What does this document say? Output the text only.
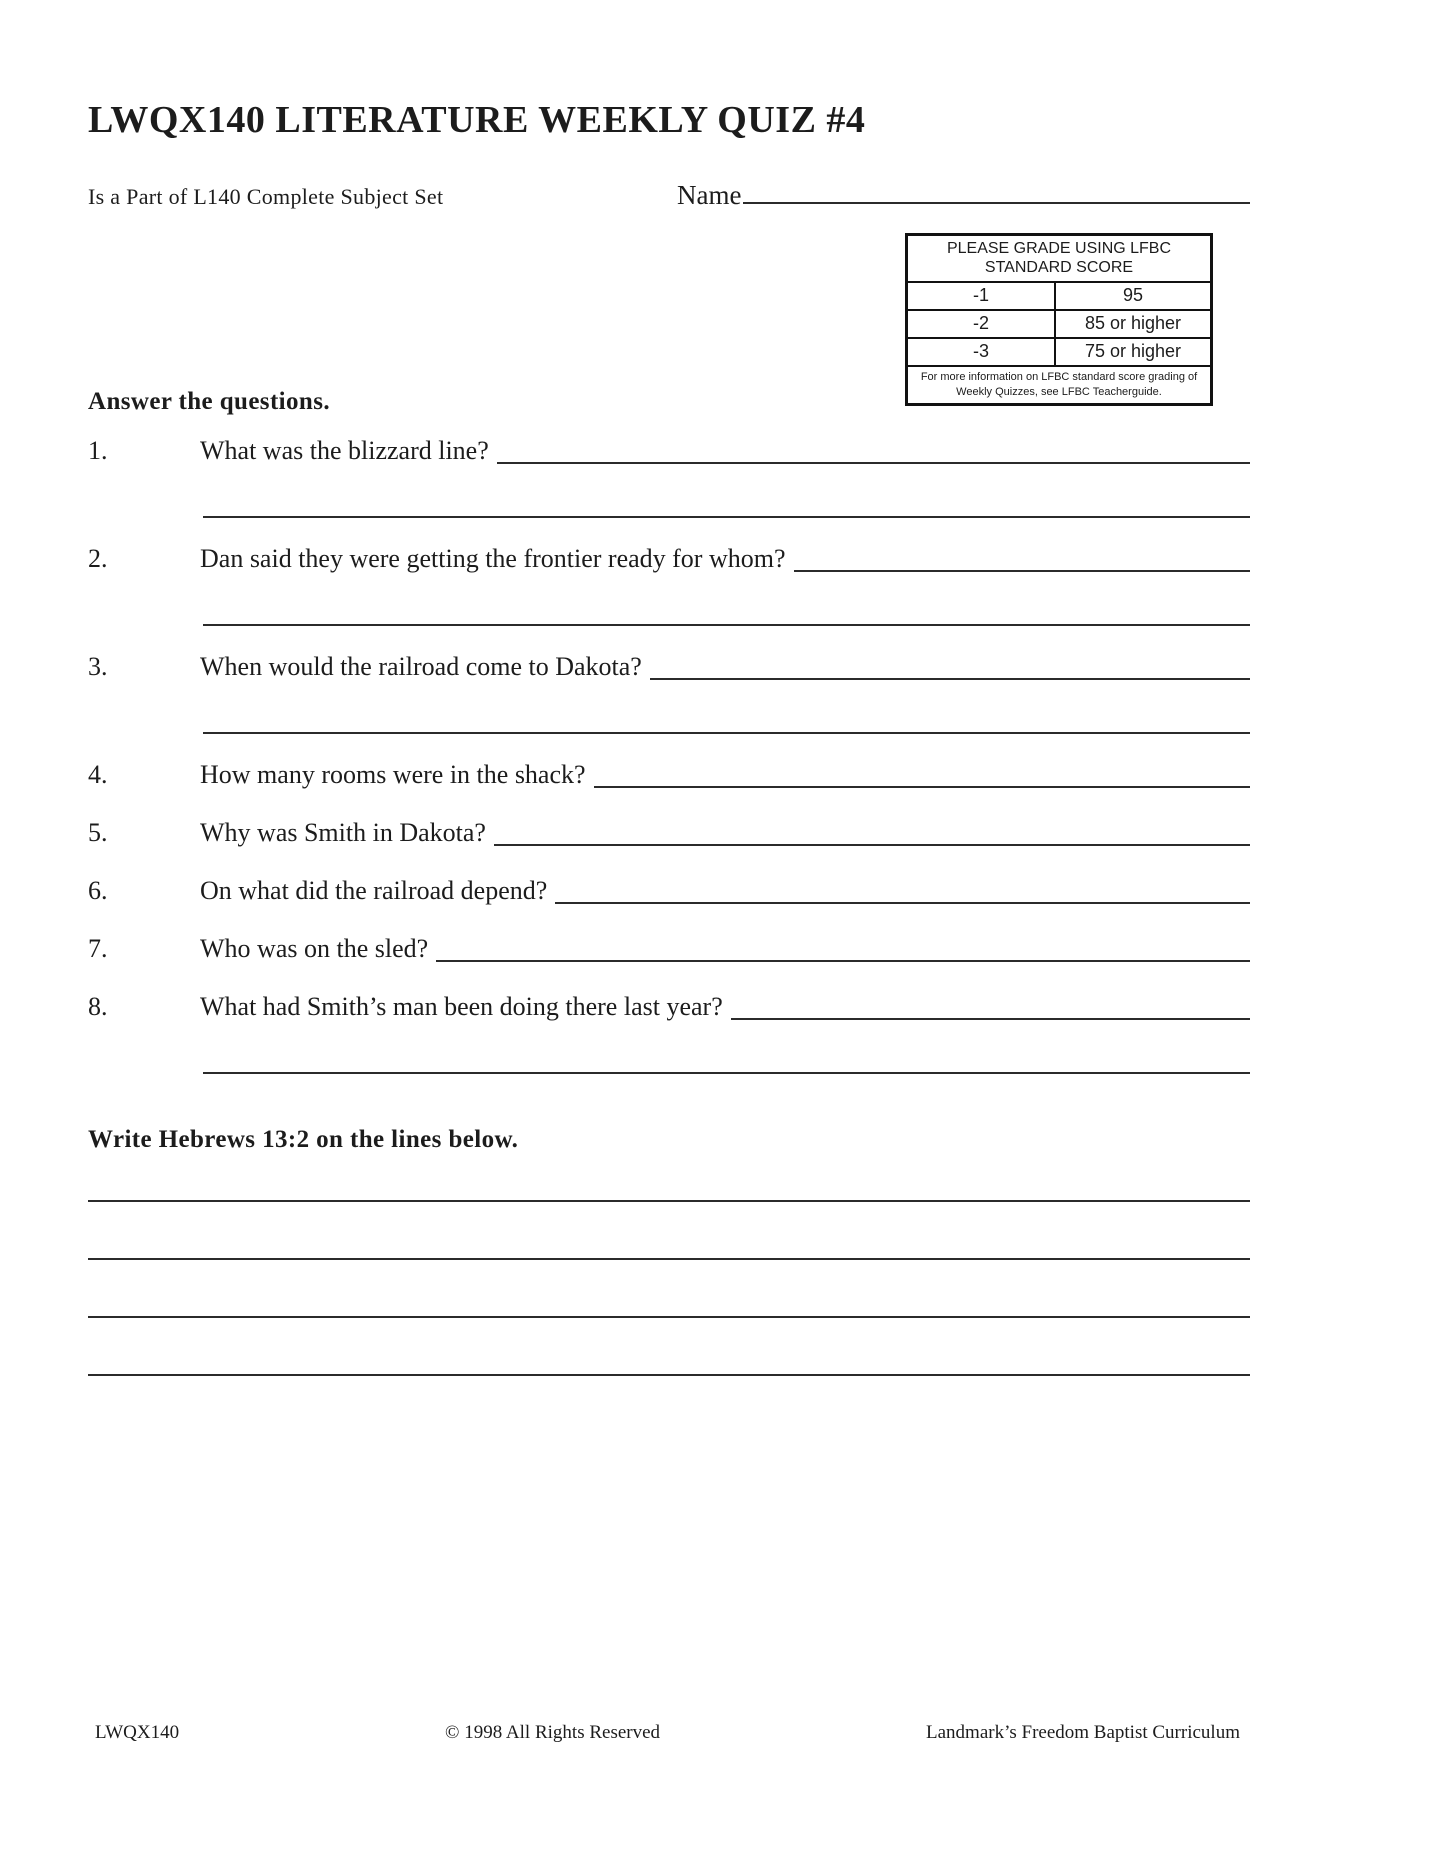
LWQX140 LITERATURE WEEKLY QUIZ #4
Is a Part of L140 Complete Subject Set	Name
PLEASE GRADE USING LFBC STANDARD SCORE
-1	95
-2	85 or higher
-3	75 or higher
For more information on LFBC standard score grading of Weekly Quizzes, see LFBC Teacherguide.
Answer the questions.
1.	What was the blizzard line?
2.	Dan said they were getting the frontier ready for whom?
3.	When would the railroad come to Dakota?
4.	How many rooms were in the shack?
5.	Why was Smith in Dakota?
6.	On what did the railroad depend?
7.	Who was on the sled?
8.	What had Smith’s man been doing there last year?
Write Hebrews 13:2 on the lines below.
LWQX140	© 1998 All Rights Reserved	Landmark’s Freedom Baptist Curriculum
